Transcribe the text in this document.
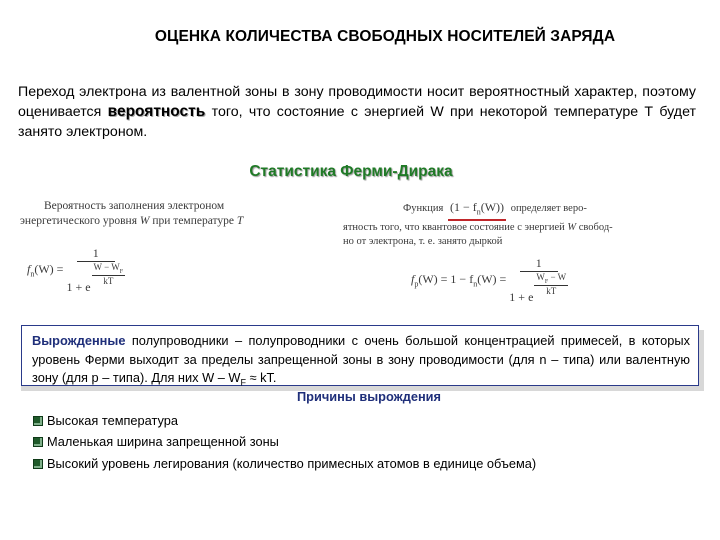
ОЦЕНКА КОЛИЧЕСТВА СВОБОДНЫХ НОСИТЕЛЕЙ ЗАРЯДА
Переход электрона из валентной зоны в зону проводимости носит вероятностный характер, поэтому оценивается вероятность того, что состояние с энергией W при некоторой температуре Т будет занято электроном.
Статистика Ферми-Дирака
Вероятность заполнения электроном
энергетического уровня W при температуре T
$f_n(W) = 1$
1 + e
$\frac{W - W_F}{kT}$
Функция $(1 - f_n(W))$ определяет веро-
ятность того, что квантовое состояние с энергией W свобод-
но от электрона, т. е. занято дыркой
$f_p(W) = 1 - f_n(W) = 1$
1 + e
$\frac{W_F - W}{kT}$
Вырожденные полупроводники – полупроводники с очень большой концентрацией примесей, в которых уровень Ферми выходит за пределы запрещенной зоны в зону проводимости (для n – типа) или валентную зону (для p – типа). Для них W – $W_F$ ≈ kT.
Причины вырождения
Высокая температура
Маленькая ширина запрещенной зоны
Высокий уровень легирования (количество примесных атомов в единице объема)
